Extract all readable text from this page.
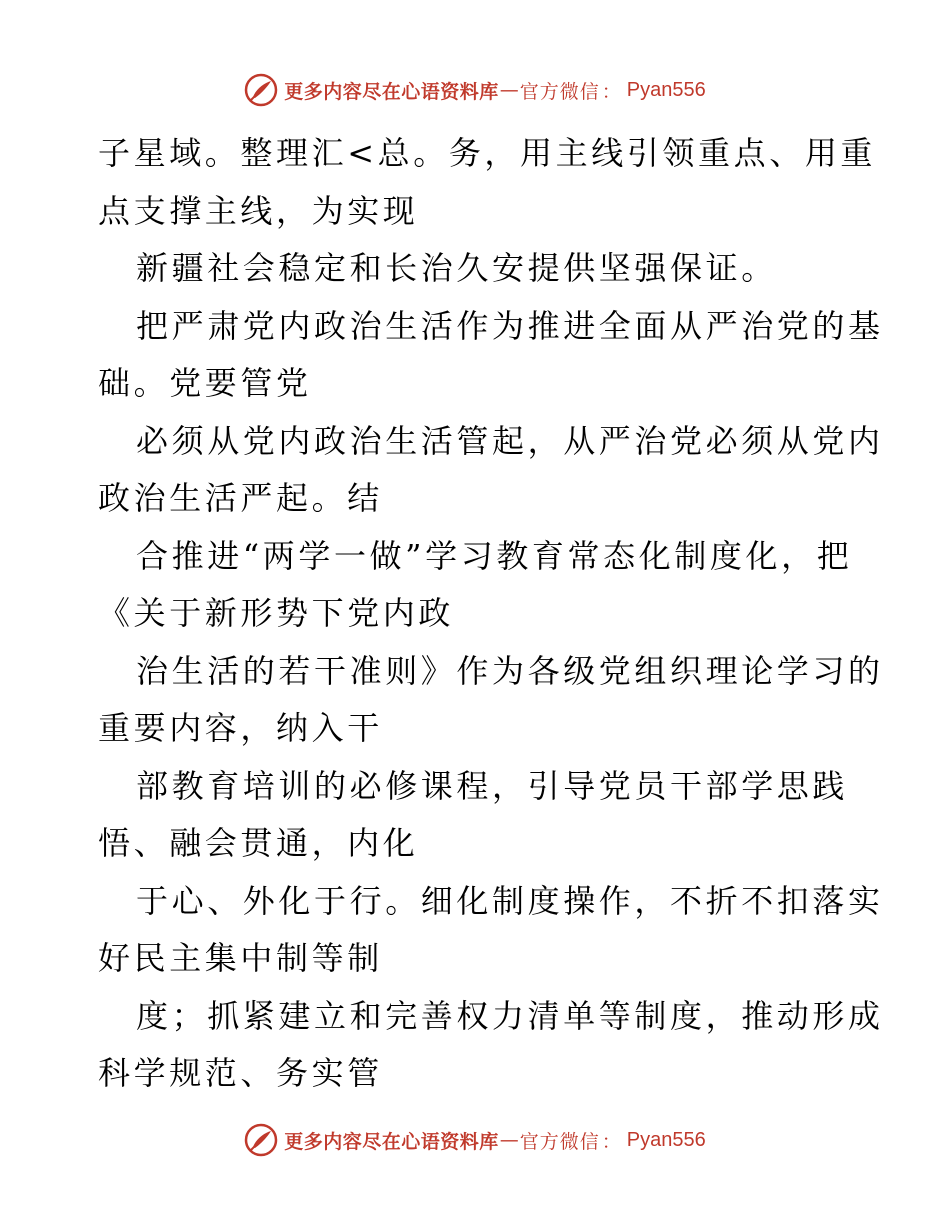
更多内容尽在心语资料库 — 官方微信 ： Pyan556
子星域。整理汇<总。务，用主线引领重点、用重
点支撑主线，为实现
新疆社会稳定和长治久安提供坚强保证。
把严肃党内政治生活作为推进全面从严治党的基
础。党要管党
必须从党内政治生活管起，从严治党必须从党内
政治生活严起。结
合推进“两学一做”学习教育常态化制度化，把
《关于新形势下党内政
治生活的若干准则》作为各级党组织理论学习的
重要内容，纳入干
部教育培训的必修课程，引导党员干部学思践
悟、融会贯通，内化
于心、外化于行。细化制度操作，不折不扣落实
好民主集中制等制
度；抓紧建立和完善权力清单等制度，推动形成
科学规范、务实管
更多内容尽在心语资料库 — 官方微信 ： Pyan556
